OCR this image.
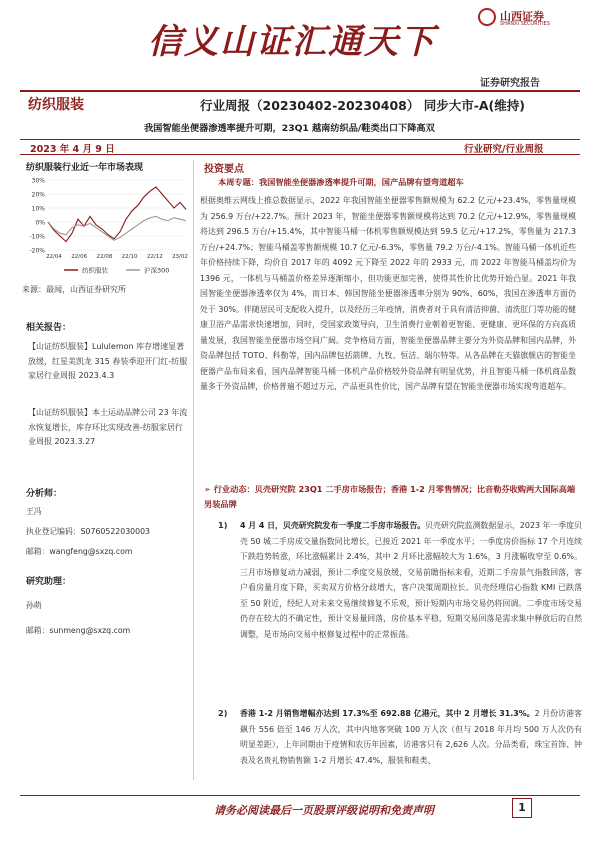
信义山证汇通天下
山西证券
SHANXI SECURITIES
证券研究报告
纺织服装	行业周报（20230402-20230408） 同步大市-A(维持)
我国智能坐便器渗透率提升可期，23Q1 越南纺织品/鞋类出口下降高双
2023 年 4 月 9 日	行业研究/行业周报
纺织服装行业近一年市场表现
30%
20%
10%
0%
-10%
-20%
22/04 22/06 22/08 22/10 22/12 23/02
纺织服装	沪深300
来源：最闻，山西证券研究所
相关报告：
【山证纺织服装】Lululemon 库存增速显著放缓，红星美凯龙 315 春装季迎开门红-纺服家居行业周报 2023.4.3
【山证纺织服装】本土运动品牌公司 23 年流水恢复增长，库存环比实现改善-纺服家居行业周报 2023.3.27
分析师：
王冯
执业登记编码：S0760522030003
邮箱：wangfeng@sxzq.com
研究助理：
孙萌
邮箱：sunmeng@sxzq.com
投资要点
本周专题：我国智能坐便器渗透率提升可期，国产品牌有望弯道超车
根据奥维云网线上推总数据显示，2022 年我国智能坐便器零售额规模为 62.2 亿元/+23.4%，零售量规模为 256.9 万台/+22.7%。预计 2023 年，智能坐便器零售额规模将达到 70.2 亿元/+12.9%，零售量规模将达到 296.5 万台/+15.4%，其中智能马桶一体机零售额规模达到 59.5 亿元/+17.2%，零售量为 217.3 万台/+24.7%；智能马桶盖零售额规模 10.7 亿元/-6.3%，零售量 79.2 万台/-4.1%。智能马桶一体机近些年价格持续下降，均价自 2017 年的 4092 元下降至 2022 年的 2933 元，而 2022 年智能马桶盖均价为 1396 元，一体机与马桶盖价格差异逐渐缩小，但功能更加完善，使得其性价比优势开始凸显。2021 年我国智能坐便器渗透率仅为 4%，而日本、韩国智能坐便器渗透率分别为 90%、60%，我国在渗透率方面仍处于 30%。伴随居民可支配收入提升，以及经历三年疫情，消费者对于具有清洁抑菌、清洗肛门等功能的健康卫浴产品需求快速增加，同时，受国家政策导向，卫生消费行业朝着更智能、更健康、更环保的方向高质量发展，我国智能坐便器市场空间广阔。竞争格局方面，智能坐便器品牌主要分为外资品牌和国内品牌，外资品牌包括 TOTO、科勒等，国内品牌包括箭牌、九牧、恒洁、瑞尔特等。从各品牌在天猫旗舰店的智能坐便器产品布局来看，国内品牌智能马桶一体机产品价格较外资品牌有明显优势，并且智能马桶一体机商品数量多于外资品牌，价格普遍不超过万元，产品更具性价比，国产品牌有望在智能坐便器市场实现弯道超车。
➢ 行业动态：贝壳研究院 23Q1 二手房市场报告；香港 1-2 月零售情况；比音勒芬收购两大国际高端男装品牌
1) 4 月 4 日，贝壳研究院发布一季度二手房市场报告。贝壳研究院监测数据显示，2023 年一季度贝壳 50 城二手房成交量指数同比增长，已接近 2021 年一季度水平；一季度房价指标 17 个月连续下跌趋势转涨，环比涨幅累计 2.4%，其中 2 月环比涨幅较大为 1.6%，3 月涨幅收窄至 0.6%。三月市场修复动力减弱，预计二季度交易放缓，交易前瞻指标来看，近期二手房景气指数回落，客户看房量月度下降，买卖双方价格分歧增大，客户决策周期拉长。贝壳经理信心指数 KMI 已跌落至 50 附近，经纪人对未来交易继续修复不乐观，预计短期内市场交易仍将回调。二季度市场交易仍存在较大的不确定性，预计交易量回落，房价基本平稳，短期交易回落是需求集中释放后的自然调整，是市场向交易中枢修复过程中的正常振荡。
2) 香港 1-2 月销售增幅亦达到 17.3%至 692.88 亿港元，其中 2 月增长 31.3%。2 月份访港客飙升 556 倍至 146 万人次，其中内地客突破 100 万人次（但与 2018 年月均 500 万人次仍有明显差距），上年同期由于疫情和农历年因素，访港客只有 2,626 人次。分品类看，珠宝首饰、钟表及名贵礼物销售额 1-2 月增长 47.4%，服装和鞋类、
请务必阅读最后一页股票评级说明和免责声明	1
